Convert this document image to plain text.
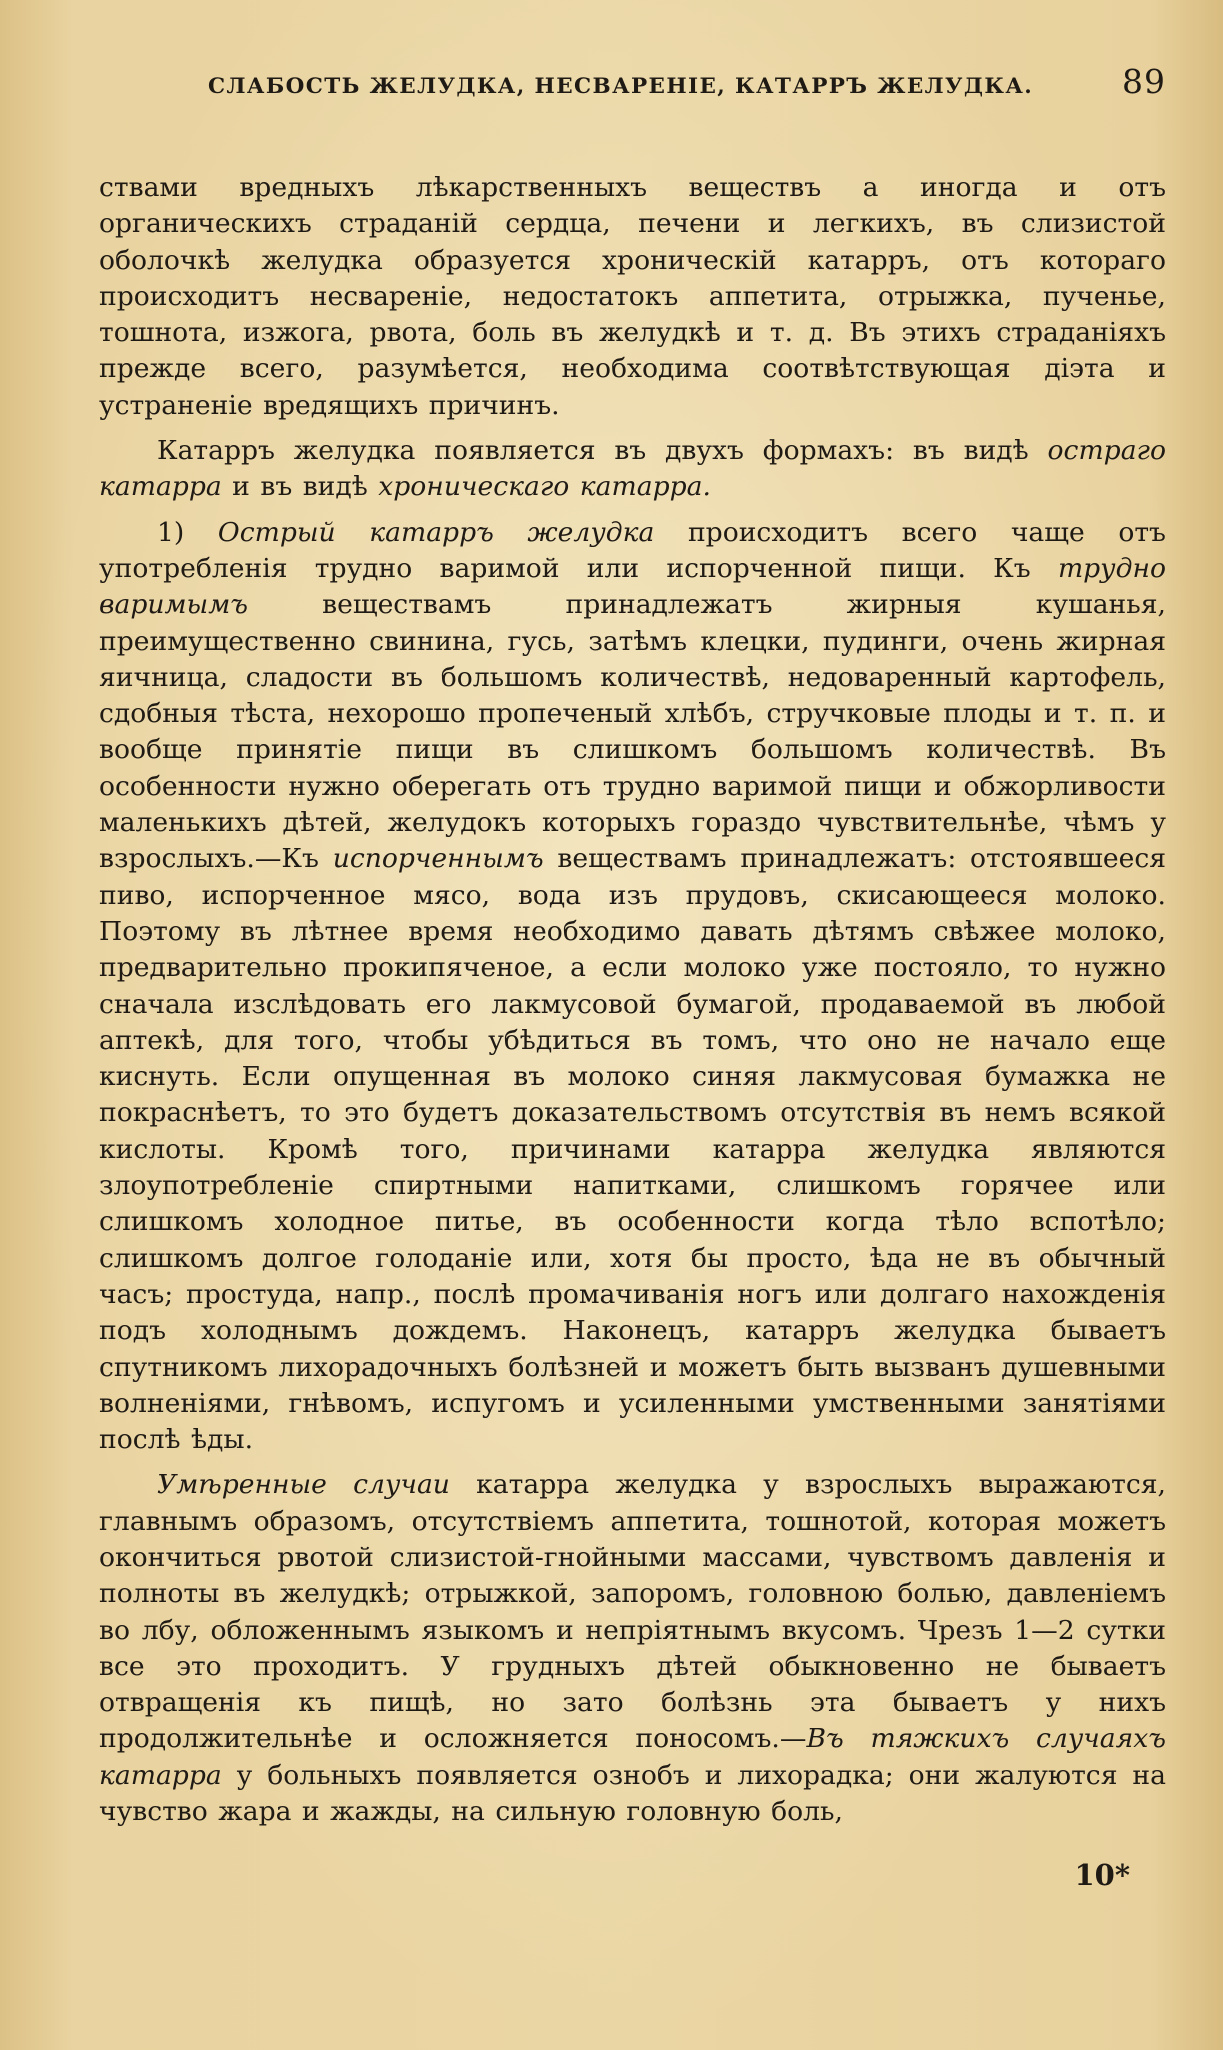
СЛАБОСТЬ ЖЕЛУДКА, НЕСВАРЕНІЕ, КАТАРРЪ ЖЕЛУДКА.	89

ствами вредныхъ лѣкарственныхъ веществъ а иногда и отъ органическихъ страданій сердца, печени и легкихъ, въ слизистой оболочкѣ желудка образуется хроническій катарръ, отъ котораго происходитъ несвареніе, недостатокъ аппетита, отрыжка, пученье, тошнота, изжога, рвота, боль въ желудкѣ и т. д. Въ этихъ страданіяхъ прежде всего, разумѣется, необходима соотвѣтствующая діэта и устраненіе вредящихъ причинъ.

Катарръ желудка появляется въ двухъ формахъ: въ видѣ остраго катарра и въ видѣ хроническаго катарра.

1) Острый катарръ желудка происходитъ всего чаще отъ употребленія трудно варимой или испорченной пищи. Къ трудно варимымъ веществамъ принадлежатъ жирныя кушанья, преимущественно свинина, гусь, затѣмъ клецки, пудинги, очень жирная яичница, сладости въ большомъ количествѣ, недоваренный картофель, сдобныя тѣста, нехорошо пропеченый хлѣбъ, стручковые плоды и т. п. и вообще принятіе пищи въ слишкомъ большомъ количествѣ. Въ особенности нужно оберегать отъ трудно варимой пищи и обжорливости маленькихъ дѣтей, желудокъ которыхъ гораздо чувствительнѣе, чѣмъ у взрослыхъ.—Къ испорченнымъ веществамъ принадлежатъ: отстоявшееся пиво, испорченное мясо, вода изъ прудовъ, скисающееся молоко. Поэтому въ лѣтнее время необходимо давать дѣтямъ свѣжее молоко, предварительно прокипяченое, а если молоко уже постояло, то нужно сначала изслѣдовать его лакмусовой бумагой, продаваемой въ любой аптекѣ, для того, чтобы убѣдиться въ томъ, что оно не начало еще киснуть. Если опущенная въ молоко синяя лакмусовая бумажка не покраснѣетъ, то это будетъ доказательствомъ отсутствія въ немъ всякой кислоты. Кромѣ того, причинами катарра желудка являются злоупотребленіе спиртными напитками, слишкомъ горячее или слишкомъ холодное питье, въ особенности когда тѣло вспотѣло; слишкомъ долгое голоданіе или, хотя бы просто, ѣда не въ обычный часъ; простуда, напр., послѣ промачиванія ногъ или долгаго нахожденія подъ холоднымъ дождемъ. Наконецъ, катарръ желудка бываетъ спутникомъ лихорадочныхъ болѣзней и можетъ быть вызванъ душевными волненіями, гнѣвомъ, испугомъ и усиленными умственными занятіями послѣ ѣды.

Умѣренные случаи катарра желудка у взрослыхъ выражаются, главнымъ образомъ, отсутствіемъ аппетита, тошнотой, которая можетъ окончиться рвотой слизистой-гнойными массами, чувствомъ давленія и полноты въ желудкѣ; отрыжкой, запоромъ, головною болью, давленіемъ во лбу, обложеннымъ языкомъ и непріятнымъ вкусомъ. Чрезъ 1—2 сутки все это проходитъ. У грудныхъ дѣтей обыкновенно не бываетъ отвращенія къ пищѣ, но зато болѣзнь эта бываетъ у нихъ продолжительнѣе и осложняется поносомъ.—Въ тяжкихъ случаяхъ катарра у больныхъ появляется ознобъ и лихорадка; они жалуются на чувство жара и жажды, на сильную головную боль,

10*
